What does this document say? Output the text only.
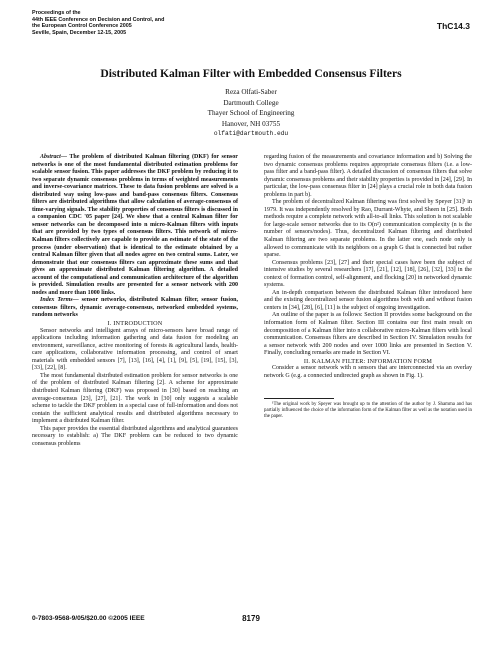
Proceedings of the
44th IEEE Conference on Decision and Control, and
the European Control Conference 2005
Seville, Spain, December 12-15, 2005
ThC14.3
Distributed Kalman Filter with Embedded Consensus Filters
Reza Olfati-Saber
Dartmouth College
Thayer School of Engineering
Hanover, NH 03755
olfati@dartmouth.edu

Abstract— The problem of distributed Kalman filtering (DKF) for sensor networks is one of the most fundamental distributed estimation problems for scalable sensor fusion. This paper addresses the DKF problem by reducing it to two separate dynamic consensus problems in terms of weighted measurements and inverse-covariance matrices. These to data fusion problems are solved is a distributed way using low-pass and band-pass consensus filters. Consensus filters are distributed algorithms that allow calculation of average-consensus of time-varying signals. The stability properties of consensus filters is discussed in a companion CDC '05 paper [24]. We show that a central Kalman filter for sensor networks can be decomposed into n micro-Kalman filters with inputs that are provided by two types of consensus filters. This network of micro-Kalman filters collectively are capable to provide an estimate of the state of the process (under observation) that is identical to the estimate obtained by a central Kalman filter given that all nodes agree on two central sums. Later, we demonstrate that our consensus filters can approximate these sums and that gives an approximate distributed Kalman filtering algorithm. A detailed account of the computational and communication architecture of the algorithm is provided. Simulation results are presented for a sensor network with 200 nodes and more than 1000 links.

Index Terms— sensor networks, distributed Kalman filter, sensor fusion, consensus filters, dynamic average-consensus, networked embedded systems, random networks

I. INTRODUCTION

Sensor networks and intelligent arrays of micro-sensors have broad range of applications including information gathering and data fusion for modeling an environment, surveillance, active monitoring of forests & agricultural lands, health-care applications, collaborative information processing, and control of smart materials with embedded sensors [7], [13], [16], [4], [1], [9], [5], [19], [15], [3], [33], [22], [8].

The most fundamental distributed estimation problem for sensor networks is one of the problem of distributed Kalman filtering [2]. A scheme for approximate distributed Kalman filtering (DKF) was proposed in [30] based on reaching an average-consensus [23], [27], [21]. The work in [30] only suggests a scalable scheme to tackle the DKF problem in a special case of full-information and does not contain the sufficient analytical results and distributed algorithms necessary to implement a distributed Kalman filter.

This paper provides the essential distributed algorithms and analytical guarantees necessary to establish: a) The DKF problem can be reduced to two dynamic consensus problems

regarding fusion of the measurements and covariance information and b) Solving the two dynamic consensus problems requires appropriate consensus filters (i.e. a low-pass filter and a band-pass filter). A detailed discussion of consensus filters that solve dynamic consensus problems and their stability properties is provided in [24], [29]. In particular, the low-pass consensus filter in [24] plays a crucial role in both data fusion problems in part b).

The problem of decentralized Kalman filtering was first solved by Speyer [31]¹ in 1979. It was independently resolved by Rao, Durrant-Whyte, and Sheen in [25]. Both methods require a complete network with all-to-all links. This solution is not scalable for large-scale sensor networks due to its O(n²) communication complexity (n is the number of sensors/nodes). Thus, decentralized Kalman filtering and distributed Kalman filtering are two separate problems. In the latter one, each node only is allowed to communicate with its neighbors on a graph G that is connected but rather sparse.

Consensus problems [23], [27] and their special cases have been the subject of intensive studies by several researchers [17], [21], [12], [18], [26], [32], [33] in the context of formation control, self-alignment, and flocking [20] in networked dynamic systems.

An in-depth comparison between the distributed Kalman filter introduced here and the existing decentralized sensor fusion algorithms both with and without fusion centers in [34], [28], [6], [11] is the subject of ongoing investigation.

An outline of the paper is as follows: Section II provides some background on the information form of Kalman filter. Section III contains our first main result on decomposition of a Kalman filter into n collaborative micro-Kalman filters with local communication. Consensus filters are described in Section IV. Simulation results for a sensor network with 200 nodes and over 1000 links are presented in Section V. Finally, concluding remarks are made in Section VI.

II. KALMAN FILTER: INFORMATION FORM

Consider a sensor network with n sensors that are interconnected via an overlay network G (e.g. a connected undirected graph as shown in Fig. 1).

¹The original work by Speyer was brought up to the attention of the author by J. Shamma and has partially influenced the choice of the information form of the Kalman filter as well as the notation used in the paper.

0-7803-9568-9/05/$20.00 ©2005 IEEE	8179
